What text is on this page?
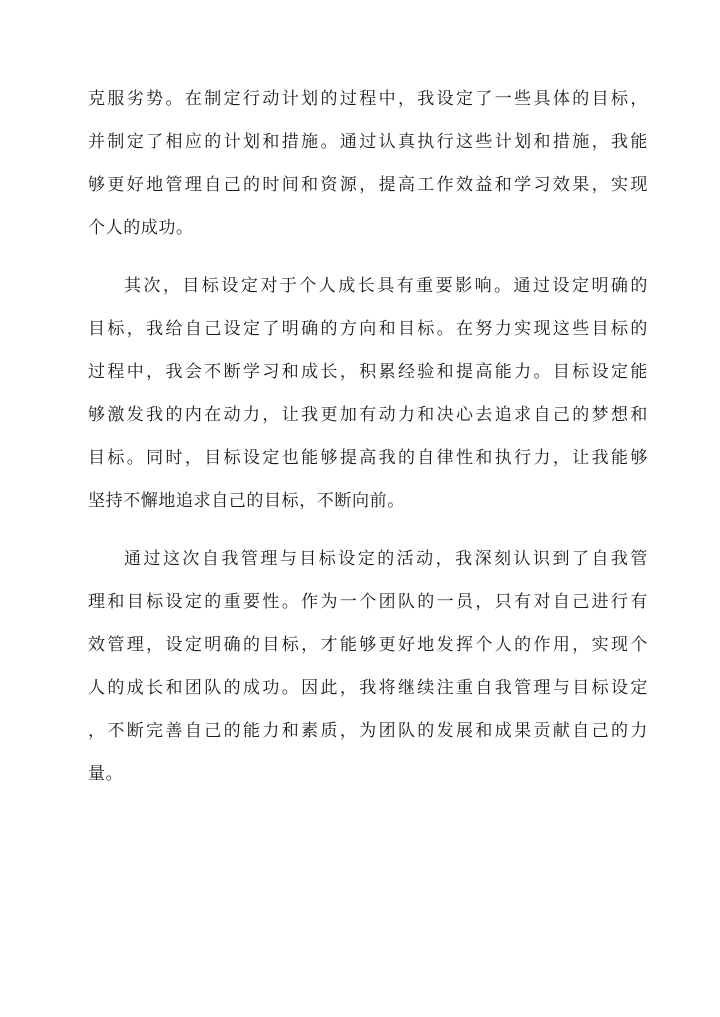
克服劣势。在制定行动计划的过程中，我设定了一些具体的目标，
并制定了相应的计划和措施。通过认真执行这些计划和措施，我能
够更好地管理自己的时间和资源，提高工作效益和学习效果，实现
个人的成功。
其次，目标设定对于个人成长具有重要影响。通过设定明确的
目标，我给自己设定了明确的方向和目标。在努力实现这些目标的
过程中，我会不断学习和成长，积累经验和提高能力。目标设定能
够激发我的内在动力，让我更加有动力和决心去追求自己的梦想和
目标。同时，目标设定也能够提高我的自律性和执行力，让我能够
坚持不懈地追求自己的目标，不断向前。
通过这次自我管理与目标设定的活动，我深刻认识到了自我管
理和目标设定的重要性。作为一个团队的一员，只有对自己进行有
效管理，设定明确的目标，才能够更好地发挥个人的作用，实现个
人的成长和团队的成功。因此，我将继续注重自我管理与目标设定
，不断完善自己的能力和素质，为团队的发展和成果贡献自己的力
量。
